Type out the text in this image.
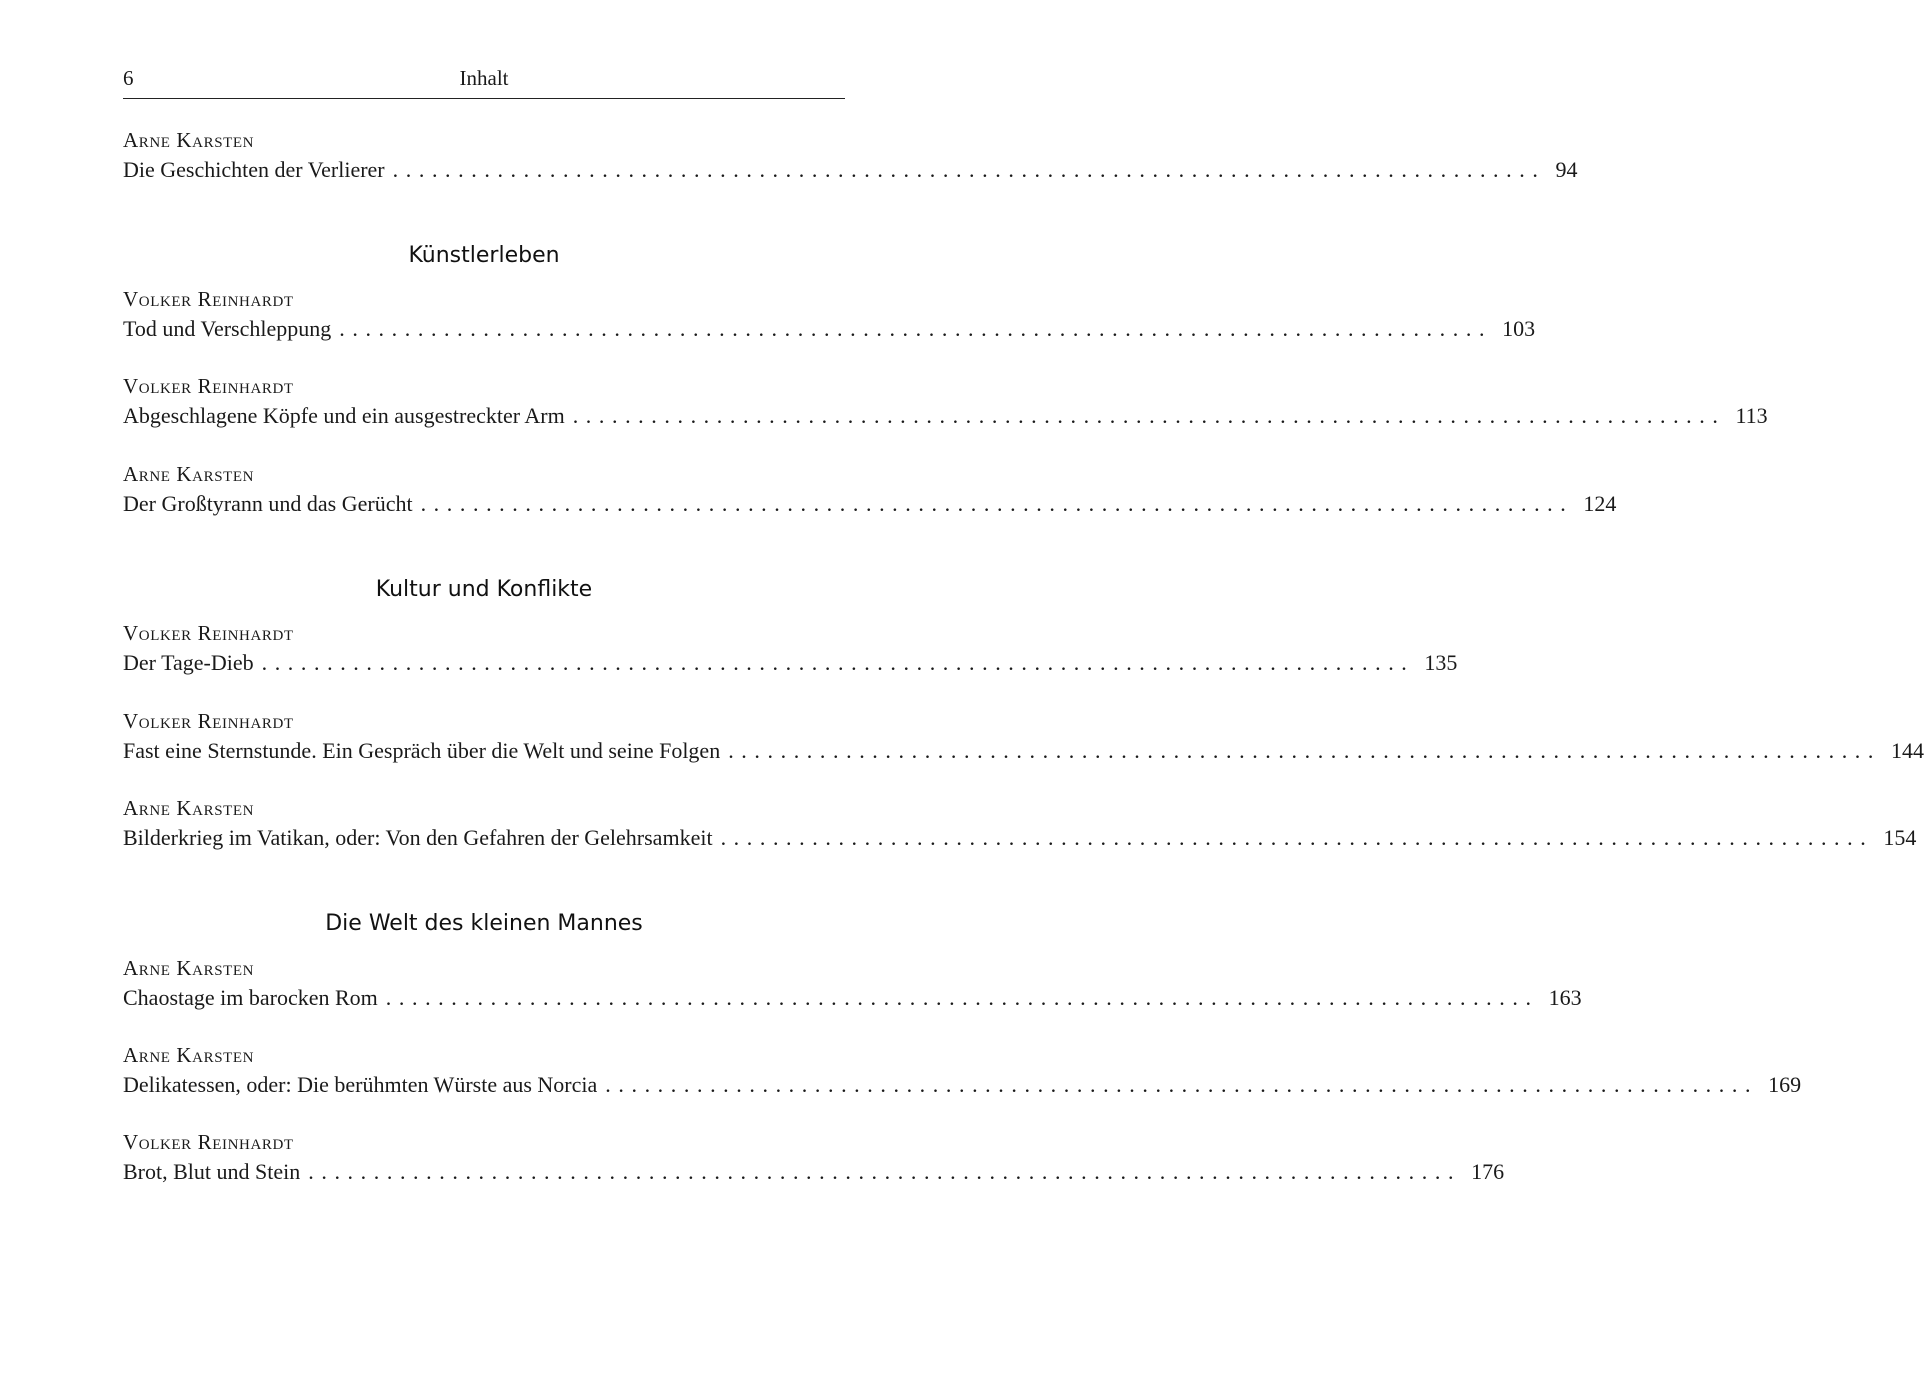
6	Inhalt
Arne Karsten
Die Geschichten der Verlierer ........................................................................................ 94
Künstlerleben
Volker Reinhardt
Tod und Verschleppung ........................................................................................ 103
Volker Reinhardt
Abgeschlagene Köpfe und ein ausgestreckter Arm ........................................................................................ 113
Arne Karsten
Der Großtyrann und das Gerücht ........................................................................................ 124
Kultur und Konflikte
Volker Reinhardt
Der Tage-Dieb ........................................................................................ 135
Volker Reinhardt
Fast eine Sternstunde. Ein Gespräch über die Welt und seine Folgen ........................................................................................ 144
Arne Karsten
Bilderkrieg im Vatikan, oder: Von den Gefahren der Gelehrsamkeit ........................................................................................ 154
Die Welt des kleinen Mannes
Arne Karsten
Chaostage im barocken Rom ........................................................................................ 163
Arne Karsten
Delikatessen, oder: Die berühmten Würste aus Norcia ........................................................................................ 169
Volker Reinhardt
Brot, Blut und Stein ........................................................................................ 176
